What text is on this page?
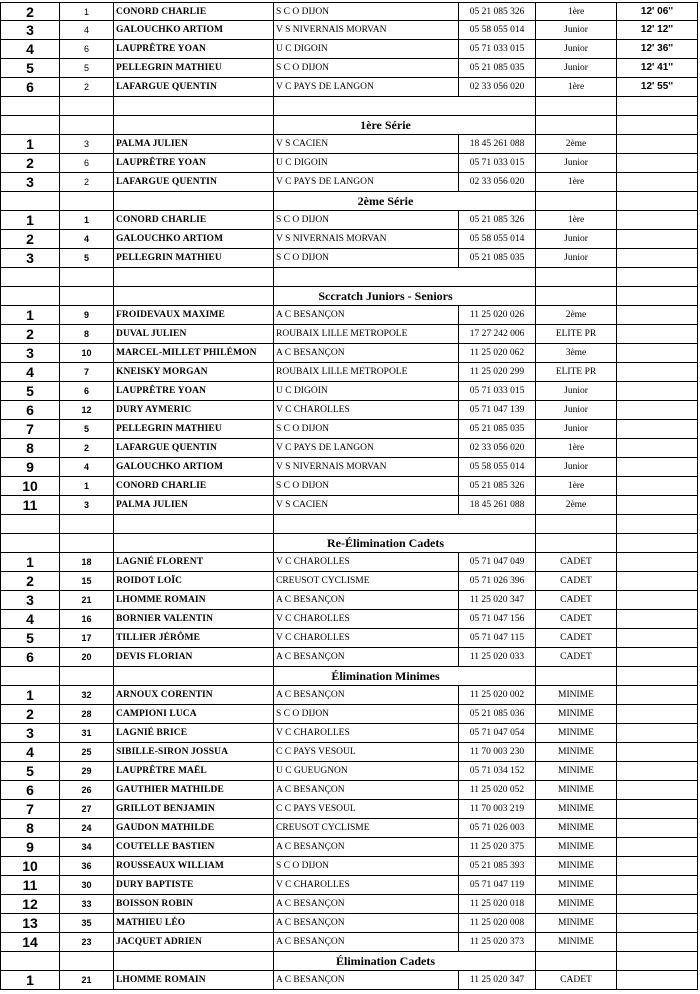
2	1	CONORD CHARLIE	S C O DIJON	05 21 085 326	1ère	12' 06''
3	4	GALOUCHKO ARTIOM	V S NIVERNAIS MORVAN	05 58 055 014	Junior	12' 12''
4	6	LAUPRÊTRE YOAN	U C DIGOIN	05 71 033 015	Junior	12' 36''
5	5	PELLEGRIN MATHIEU	S C O DIJON	05 21 085 035	Junior	12' 41''
6	2	LAFARGUE QUENTIN	V C PAYS DE LANGON	02 33 056 020	1ère	12' 55''
1ère Série
1	3	PALMA JULIEN	V S CACIEN	18 45 261 088	2ème
2	6	LAUPRÊTRE YOAN	U C DIGOIN	05 71 033 015	Junior
3	2	LAFARGUE QUENTIN	V C PAYS DE LANGON	02 33 056 020	1ère
2ème Série
1	1	CONORD CHARLIE	S C O DIJON	05 21 085 326	1ère
2	4	GALOUCHKO ARTIOM	V S NIVERNAIS MORVAN	05 58 055 014	Junior
3	5	PELLEGRIN MATHIEU	S C O DIJON	05 21 085 035	Junior
Sccratch Juniors - Seniors
1	9	FROIDEVAUX MAXIME	A C BESANÇON	11 25 020 026	2ème
2	8	DUVAL JULIEN	ROUBAIX LILLE METROPOLE	17 27 242 006	ELITE PR
3	10	MARCEL-MILLET PHILÉMON	A C BESANÇON	11 25 020 062	3ème
4	7	KNEISKY MORGAN	ROUBAIX LILLE METROPOLE	11 25 020 299	ELITE PR
5	6	LAUPRÊTRE YOAN	U C DIGOIN	05 71 033 015	Junior
6	12	DURY AYMERIC	V C CHAROLLES	05 71 047 139	Junior
7	5	PELLEGRIN MATHIEU	S C O DIJON	05 21 085 035	Junior
8	2	LAFARGUE QUENTIN	V C PAYS DE LANGON	02 33 056 020	1ère
9	4	GALOUCHKO ARTIOM	V S NIVERNAIS MORVAN	05 58 055 014	Junior
10	1	CONORD CHARLIE	S C O DIJON	05 21 085 326	1ère
11	3	PALMA JULIEN	V S CACIEN	18 45 261 088	2ème
Re-Élimination Cadets
1	18	LAGNIÉ FLORENT	V C CHAROLLES	05 71 047 049	CADET
2	15	ROIDOT LOÏC	CREUSOT CYCLISME	05 71 026 396	CADET
3	21	LHOMME ROMAIN	A C BESANÇON	11 25 020 347	CADET
4	16	BORNIER VALENTIN	V C CHAROLLES	05 71 047 156	CADET
5	17	TILLIER JÉRÔME	V C CHAROLLES	05 71 047 115	CADET
6	20	DEVIS FLORIAN	A C BESANÇON	11 25 020 033	CADET
Élimination Minimes
1	32	ARNOUX CORENTIN	A C BESANÇON	11 25 020 002	MINIME
2	28	CAMPIONI LUCA	S C O DIJON	05 21 085 036	MINIME
3	31	LAGNIÉ BRICE	V C CHAROLLES	05 71 047 054	MINIME
4	25	SIBILLE-SIRON JOSSUA	C C PAYS VESOUL	11 70 003 230	MINIME
5	29	LAUPRÊTRE MAËL	U C GUEUGNON	05 71 034 152	MINIME
6	26	GAUTHIER MATHILDE	A C BESANÇON	11 25 020 052	MINIME
7	27	GRILLOT BENJAMIN	C C PAYS VESOUL	11 70 003 219	MINIME
8	24	GAUDON MATHILDE	CREUSOT CYCLISME	05 71 026 003	MINIME
9	34	COUTELLE BASTIEN	A C BESANÇON	11 25 020 375	MINIME
10	36	ROUSSEAUX WILLIAM	S C O DIJON	05 21 085 393	MINIME
11	30	DURY BAPTISTE	V C CHAROLLES	05 71 047 119	MINIME
12	33	BOISSON ROBIN	A C BESANÇON	11 25 020 018	MINIME
13	35	MATHIEU LÉO	A C BESANÇON	11 25 020 008	MINIME
14	23	JACQUET ADRIEN	A C BESANÇON	11 25 020 373	MINIME
Élimination Cadets
1	21	LHOMME ROMAIN	A C BESANÇON	11 25 020 347	CADET
